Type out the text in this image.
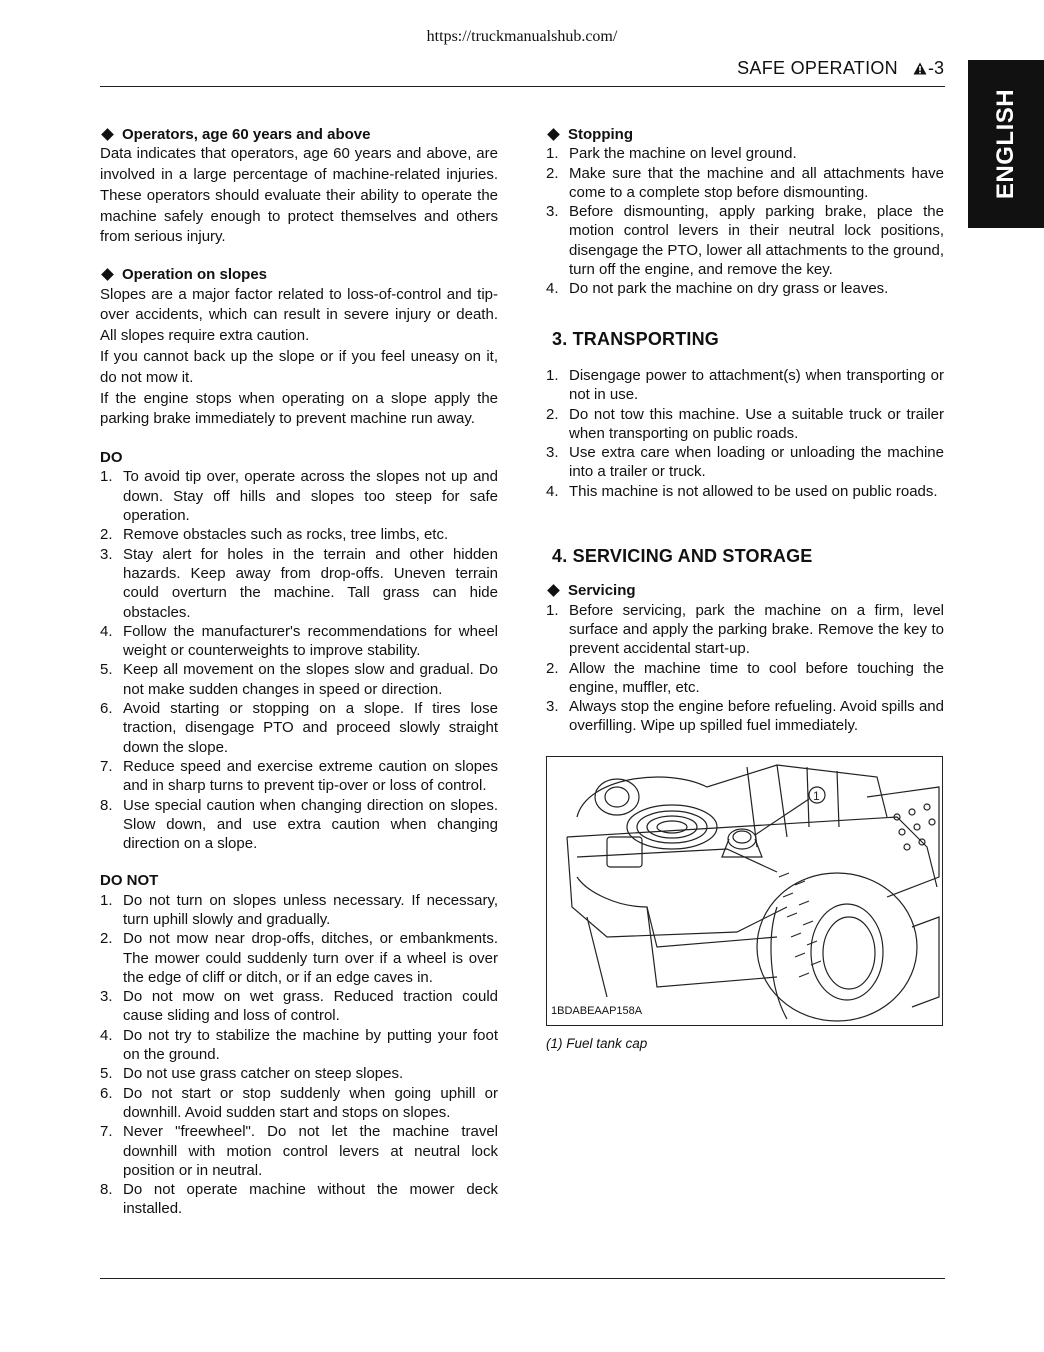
https://truckmanualshub.com/
SAFE OPERATION -3
ENGLISH

Operators, age 60 years and above

Data indicates that operators, age 60 years and above, are involved in a large percentage of machine-related injuries. These operators should evaluate their ability to operate the machine safely enough to protect themselves and others from serious injury.

Operation on slopes

Slopes are a major factor related to loss-of-control and tip-over accidents, which can result in severe injury or death. All slopes require extra caution.

If you cannot back up the slope or if you feel uneasy on it, do not mow it.

If the engine stops when operating on a slope apply the parking brake immediately to prevent machine run away.

DO

1. To avoid tip over, operate across the slopes not up and down. Stay off hills and slopes too steep for safe operation.
2. Remove obstacles such as rocks, tree limbs, etc.
3. Stay alert for holes in the terrain and other hidden hazards. Keep away from drop-offs. Uneven terrain could overturn the machine. Tall grass can hide obstacles.
4. Follow the manufacturer's recommendations for wheel weight or counterweights to improve stability.
5. Keep all movement on the slopes slow and gradual. Do not make sudden changes in speed or direction.
6. Avoid starting or stopping on a slope. If tires lose traction, disengage PTO and proceed slowly straight down the slope.
7. Reduce speed and exercise extreme caution on slopes and in sharp turns to prevent tip-over or loss of control.
8. Use special caution when changing direction on slopes. Slow down, and use extra caution when changing direction on a slope.

DO NOT

1. Do not turn on slopes unless necessary. If necessary, turn uphill slowly and gradually.
2. Do not mow near drop-offs, ditches, or embankments. The mower could suddenly turn over if a wheel is over the edge of cliff or ditch, or if an edge caves in.
3. Do not mow on wet grass. Reduced traction could cause sliding and loss of control.
4. Do not try to stabilize the machine by putting your foot on the ground.
5. Do not use grass catcher on steep slopes.
6. Do not start or stop suddenly when going uphill or downhill. Avoid sudden start and stops on slopes.
7. Never "freewheel". Do not let the machine travel downhill with motion control levers at neutral lock position or in neutral.
8. Do not operate machine without the mower deck installed.

Stopping

1. Park the machine on level ground.
2. Make sure that the machine and all attachments have come to a complete stop before dismounting.
3. Before dismounting, apply parking brake, place the motion control levers in their neutral lock positions, disengage the PTO, lower all attachments to the ground, turn off the engine, and remove the key.
4. Do not park the machine on dry grass or leaves.

3. TRANSPORTING

1. Disengage power to attachment(s) when transporting or not in use.
2. Do not tow this machine. Use a suitable truck or trailer when transporting on public roads.
3. Use extra care when loading or unloading the machine into a trailer or truck.
4. This machine is not allowed to be used on public roads.

4. SERVICING AND STORAGE

Servicing

1. Before servicing, park the machine on a firm, level surface and apply the parking brake. Remove the key to prevent accidental start-up.
2. Allow the machine time to cool before touching the engine, muffler, etc.
3. Always stop the engine before refueling. Avoid spills and overfilling. Wipe up spilled fuel immediately.
1
1BDABEAAP158A
(1) Fuel tank cap
